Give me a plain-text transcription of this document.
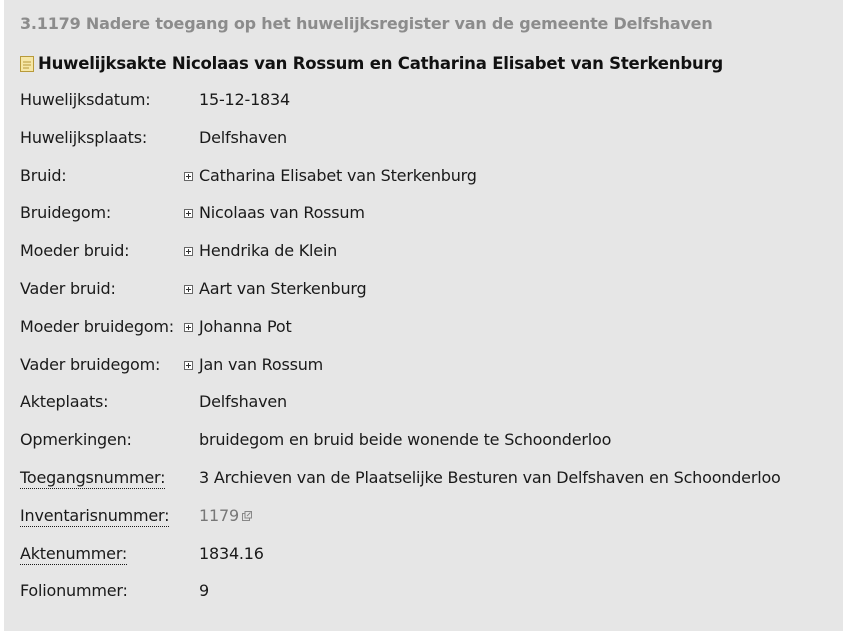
3.1179 Nadere toegang op het huwelijksregister van de gemeente Delfshaven
Huwelijksakte Nicolaas van Rossum en Catharina Elisabet van Sterkenburg
Huwelijksdatum:	15-12-1834
Huwelijksplaats:	Delfshaven
Bruid:	Catharina Elisabet van Sterkenburg
Bruidegom:	Nicolaas van Rossum
Moeder bruid:	Hendrika de Klein
Vader bruid:	Aart van Sterkenburg
Moeder bruidegom: Johanna Pot
Vader bruidegom: Jan van Rossum
Akteplaats:	Delfshaven
Opmerkingen:	bruidegom en bruid beide wonende te Schoonderloo
Toegangsnummer: 3 Archieven van de Plaatselijke Besturen van Delfshaven en Schoonderloo
Inventarisnummer: 1179
Aktenummer:	1834.16
Folionummer:	9
